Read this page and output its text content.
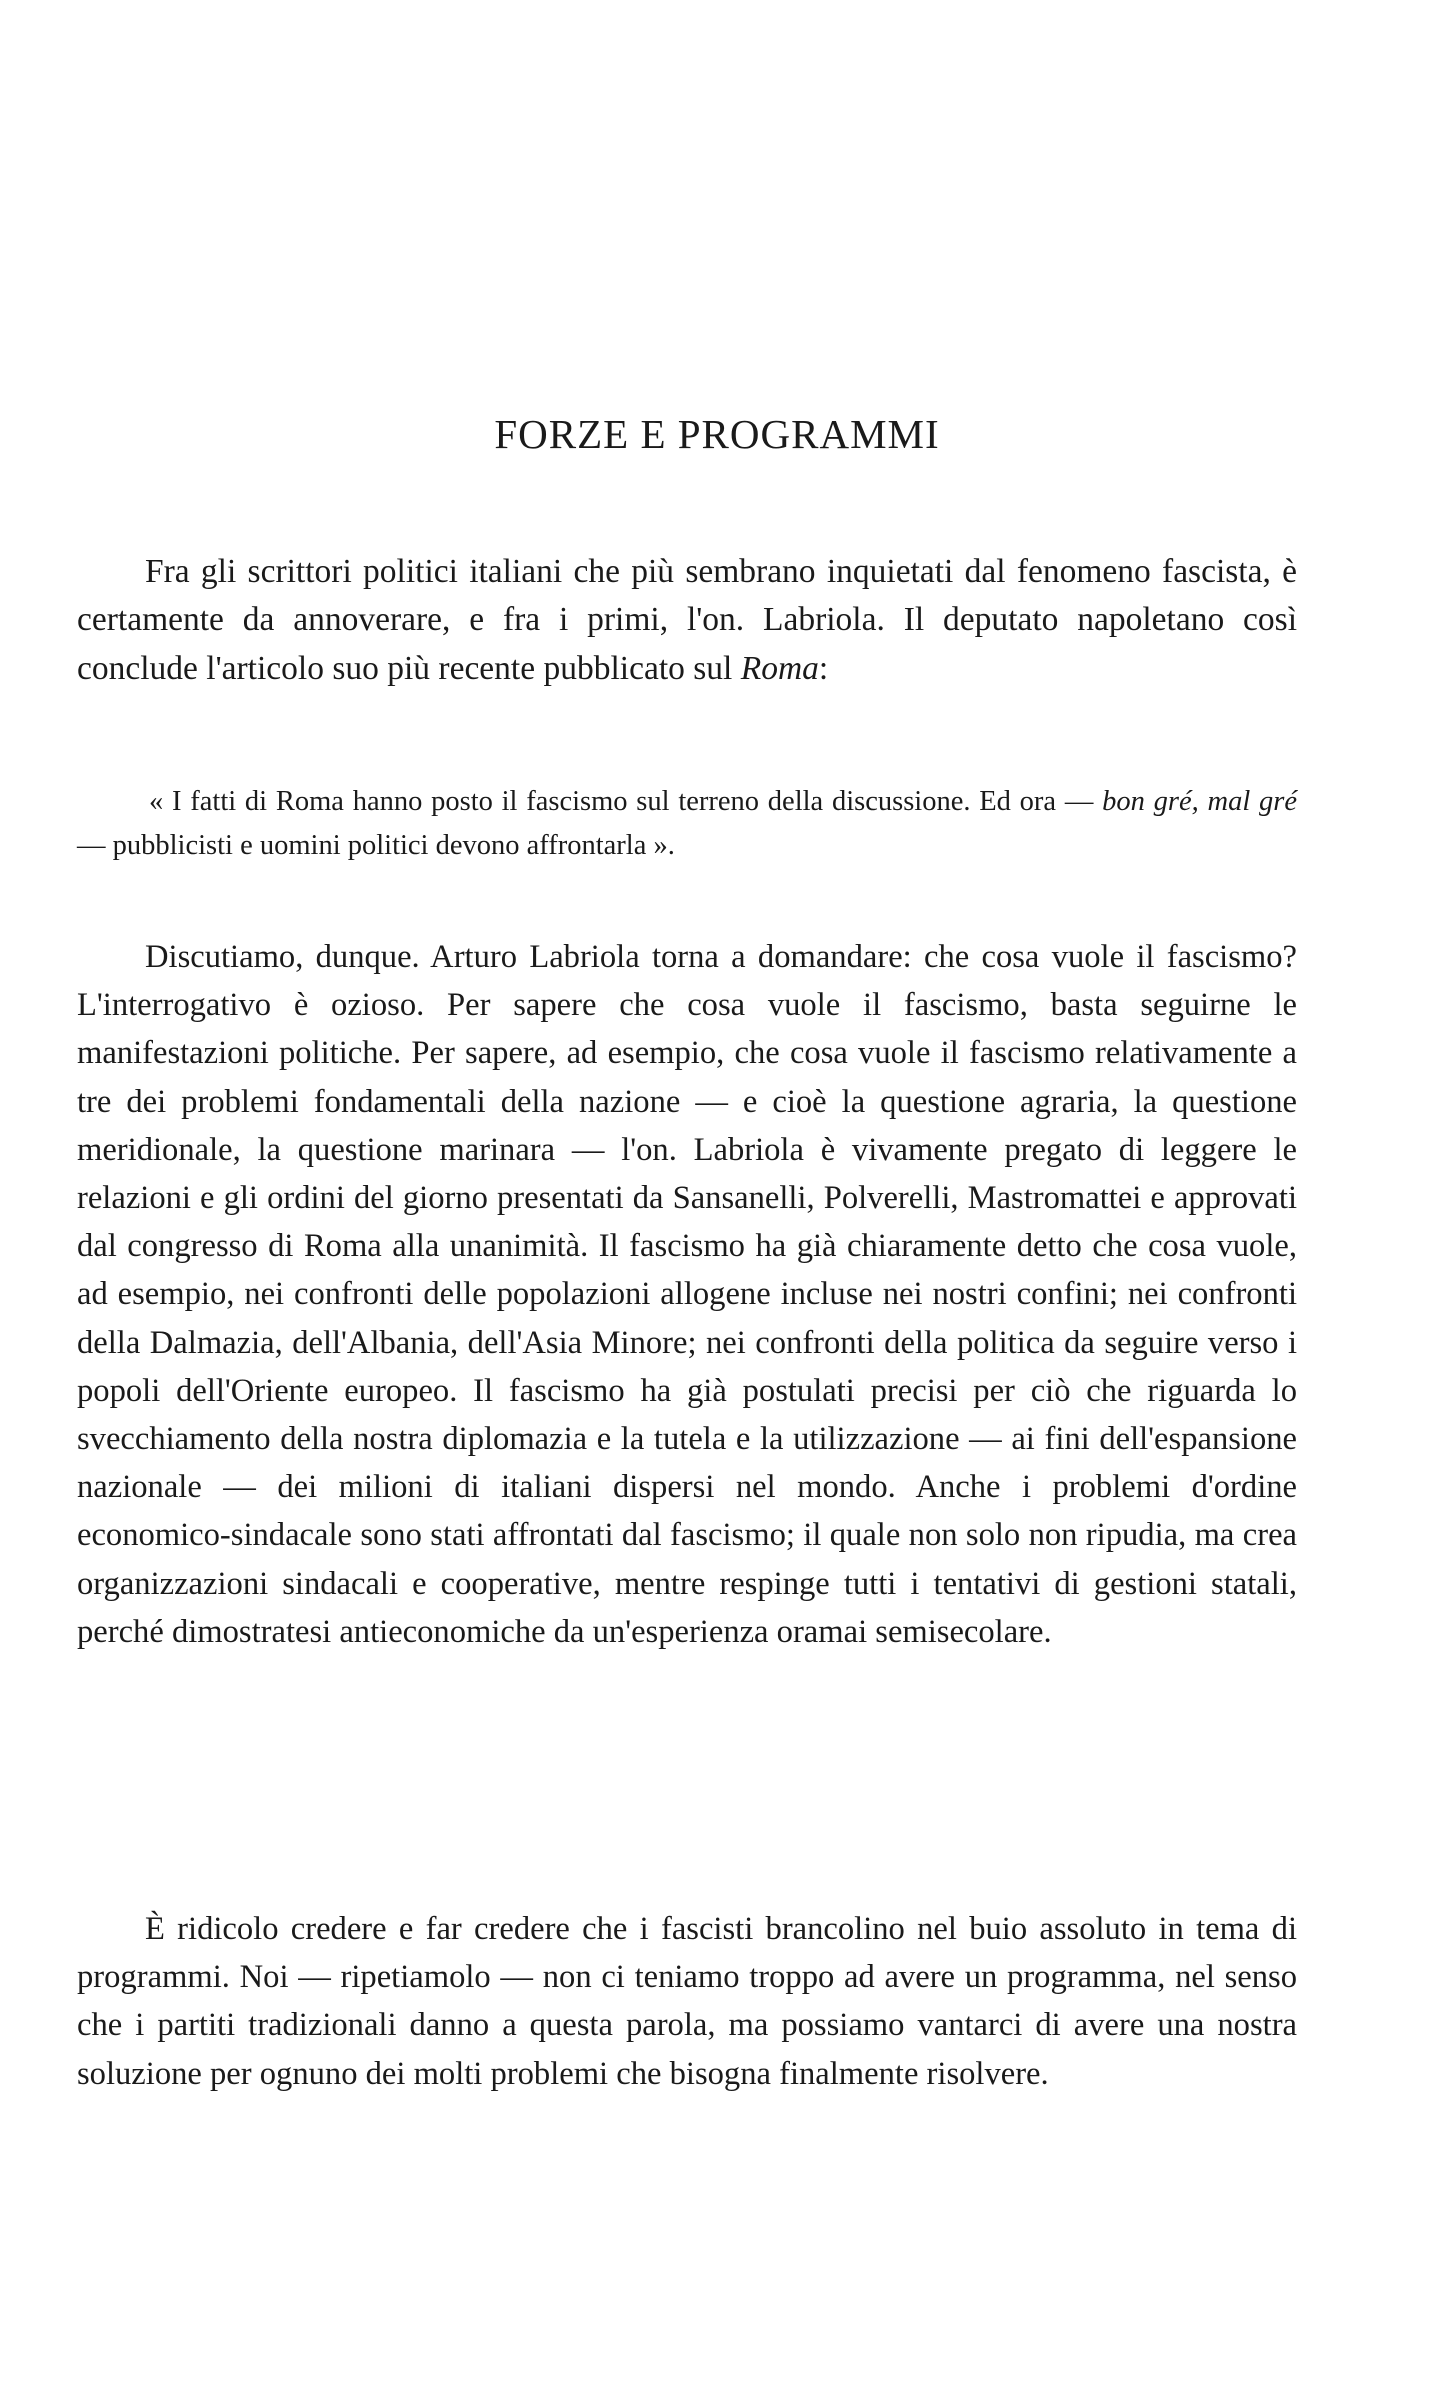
FORZE E PROGRAMMI

Fra gli scrittori politici italiani che più sembrano inquietati dal fenomeno fascista, è certamente da annoverare, e fra i primi, l'on. Labriola. Il deputato napoletano così conclude l'articolo suo più recente pubblicato sul Roma:

« I fatti di Roma hanno posto il fascismo sul terreno della discussione. Ed ora — bon gré, mal gré — pubblicisti e uomini politici devono affrontarla ».

Discutiamo, dunque. Arturo Labriola torna a domandare: che cosa vuole il fascismo? L'interrogativo è ozioso. Per sapere che cosa vuole il fascismo, basta seguirne le manifestazioni politiche. Per sapere, ad esempio, che cosa vuole il fascismo relativamente a tre dei problemi fondamentali della nazione — e cioè la questione agraria, la questione meridionale, la questione marinara — l'on. Labriola è vivamente pregato di leggere le relazioni e gli ordini del giorno presentati da Sansanelli, Polverelli, Mastromattei e approvati dal congresso di Roma alla unanimità. Il fascismo ha già chiaramente detto che cosa vuole, ad esempio, nei confronti delle popolazioni allogene incluse nei nostri confini; nei confronti della Dalmazia, dell'Albania, dell'Asia Minore; nei confronti della politica da seguire verso i popoli dell'Oriente europeo. Il fascismo ha già postulati precisi per ciò che riguarda lo svecchiamento della nostra diplomazia e la tutela e la utilizzazione — ai fini dell'espansione nazionale — dei milioni di italiani dispersi nel mondo. Anche i problemi d'ordine economico-sindacale sono stati affrontati dal fascismo; il quale non solo non ripudia, ma crea organizzazioni sindacali e cooperative, mentre respinge tutti i tentativi di gestioni statali, perché dimostratesi antieconomiche da un'esperienza oramai semisecolare.

È ridicolo credere e far credere che i fascisti brancolino nel buio assoluto in tema di programmi. Noi — ripetiamolo — non ci teniamo troppo ad avere un programma, nel senso che i partiti tradizionali danno a questa parola, ma possiamo vantarci di avere una nostra soluzione per ognuno dei molti problemi che bisogna finalmente risolvere.
